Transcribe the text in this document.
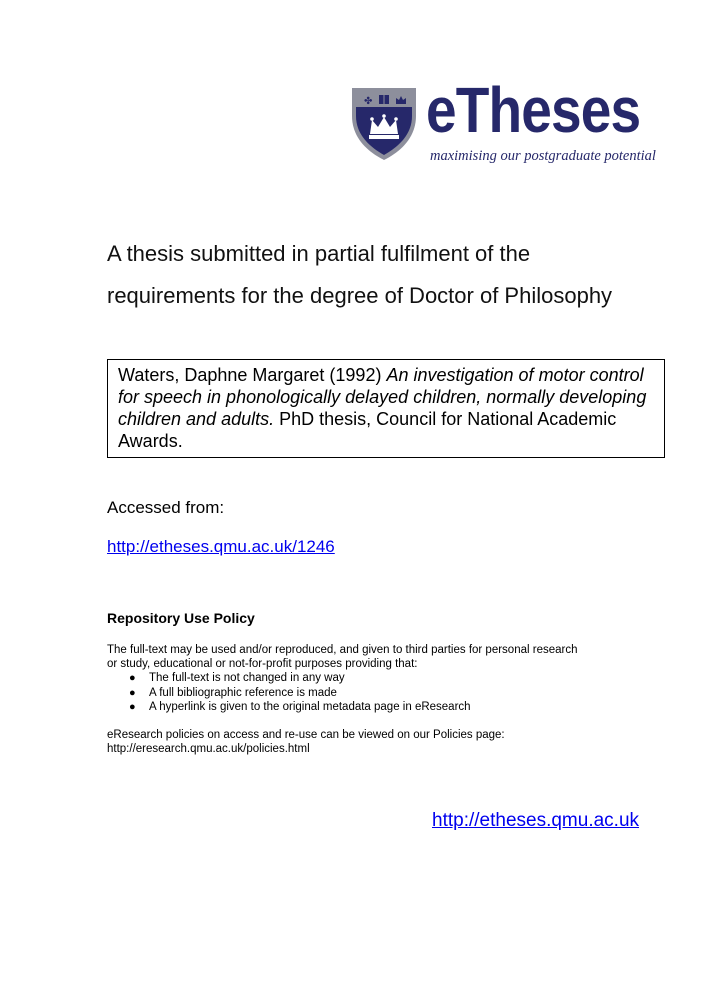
✤ eTheses
maximising our postgraduate potential
A thesis submitted in partial fulfilment of the
requirements for the degree of Doctor of Philosophy
Waters, Daphne Margaret (1992) An investigation of motor control for speech in phonologically delayed children, normally developing children and adults. PhD thesis, Council for National Academic Awards.
Accessed from:
http://etheses.qmu.ac.uk/1246
Repository Use Policy
The full-text may be used and/or reproduced, and given to third parties for personal research or study, educational or not-for-profit purposes providing that:
● The full-text is not changed in any way
● A full bibliographic reference is made
● A hyperlink is given to the original metadata page in eResearch
eResearch policies on access and re-use can be viewed on our Policies page:
http://eresearch.qmu.ac.uk/policies.html
http://etheses.qmu.ac.uk
